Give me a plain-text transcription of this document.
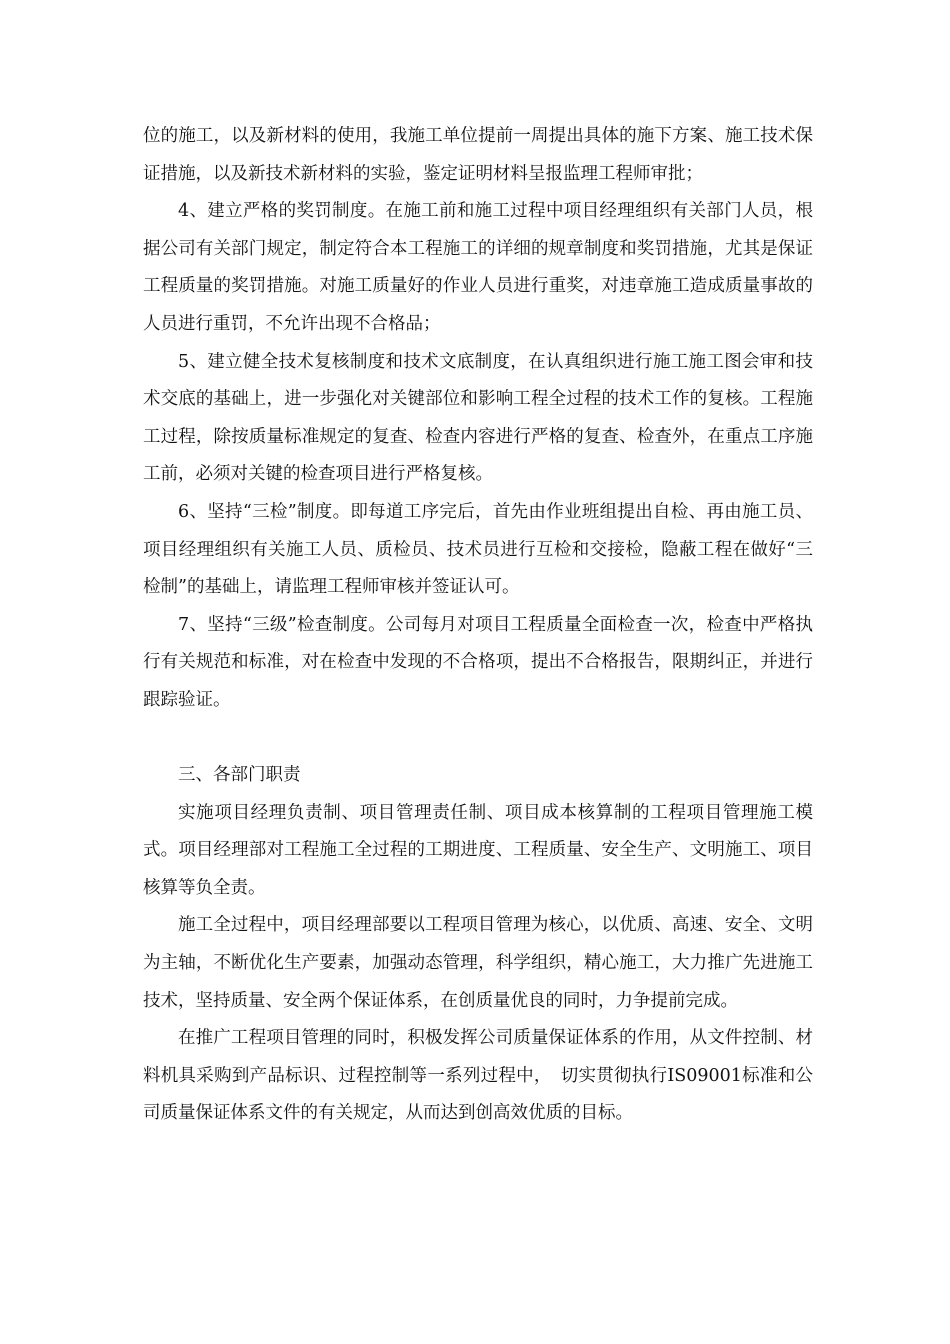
位的施工，以及新材料的使用，我施工单位提前一周提出具体的施下方案、施工技术保证措施，以及新技术新材料的实验，鉴定证明材料呈报监理工程师审批；

4、建立严格的奖罚制度。在施工前和施工过程中项目经理组织有关部门人员，根据公司有关部门规定，制定符合本工程施工的详细的规章制度和奖罚措施，尤其是保证工程质量的奖罚措施。对施工质量好的作业人员进行重奖，对违章施工造成质量事故的人员进行重罚，不允许出现不合格品；

5、建立健全技术复核制度和技术文底制度，在认真组织进行施工施工图会审和技术交底的基础上，进一步强化对关键部位和影响工程全过程的技术工作的复核。工程施工过程，除按质量标准规定的复查、检查内容进行严格的复查、检查外，在重点工序施工前，必须对关键的检查项目进行严格复核。

6、坚持“三检”制度。即每道工序完后，首先由作业班组提出自检、再由施工员、项目经理组织有关施工人员、质检员、技术员进行互检和交接检，隐蔽工程在做好“三检制”的基础上，请监理工程师审核并签证认可。

7、坚持“三级”检查制度。公司每月对项目工程质量全面检查一次，检查中严格执行有关规范和标准，对在检查中发现的不合格项，提出不合格报告，限期纠正，并进行跟踪验证。

三、各部门职责

实施项目经理负责制、项目管理责任制、项目成本核算制的工程项目管理施工模式。项目经理部对工程施工全过程的工期进度、工程质量、安全生产、文明施工、项目核算等负全责。

施工全过程中，项目经理部要以工程项目管理为核心，以优质、高速、安全、文明为主轴，不断优化生产要素，加强动态管理，科学组织，精心施工，大力推广先进施工技术，坚持质量、安全两个保证体系，在创质量优良的同时，力争提前完成。

在推广工程项目管理的同时，积极发挥公司质量保证体系的作用，从文件控制、材料机具采购到产品标识、过程控制等一系列过程中，　切实贯彻执行IS09001标准和公司质量保证体系文件的有关规定，从而达到创高效优质的目标。
